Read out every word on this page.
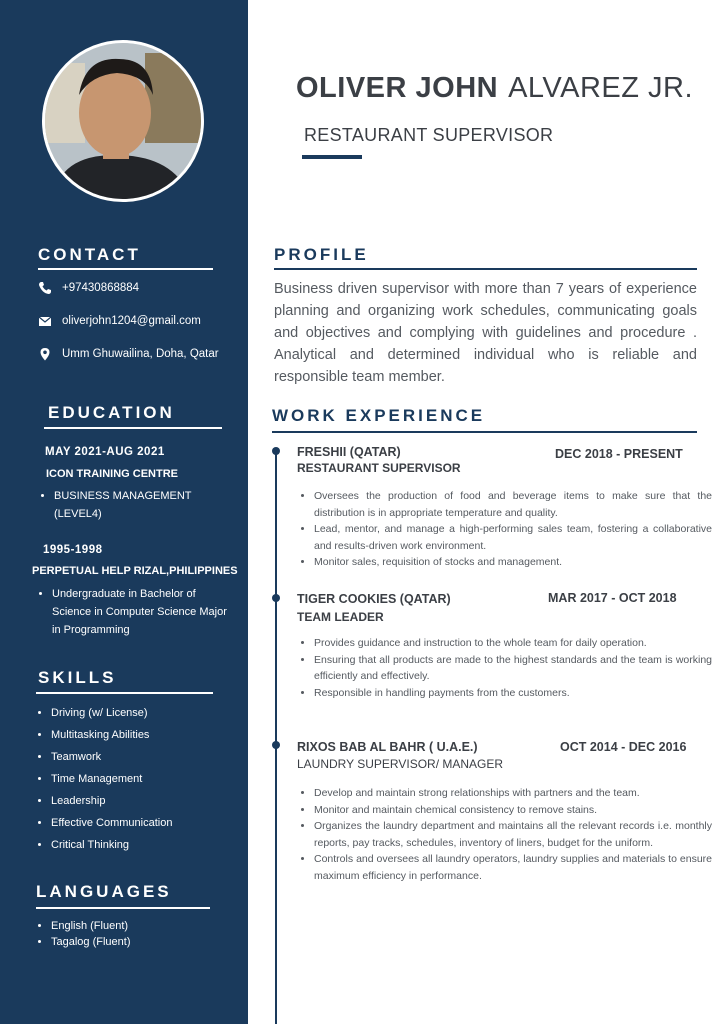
CONTACT
+97430868884
oliverjohn1204@gmail.com
Umm Ghuwailina, Doha, Qatar
EDUCATION
MAY 2021-AUG 2021
ICON TRAINING CENTRE
• BUSINESS MANAGEMENT (LEVEL4)
1995-1998
PERPETUAL HELP RIZAL,PHILIPPINES
• Undergraduate in Bachelor of Science in Computer Science Major in Programming
SKILLS
• Driving (w/ License)
• Multitasking Abilities
• Teamwork
• Time Management
• Leadership
• Effective Communication
• Critical Thinking
LANGUAGES
• English (Fluent)
• Tagalog (Fluent)
OLIVER JOHN ALVAREZ JR.
RESTAURANT SUPERVISOR
PROFILE
Business driven supervisor with more than 7 years of experience planning and organizing work schedules, communicating goals and objectives and complying with guidelines and procedure . Analytical and determined individual who is reliable and responsible team member.
WORK EXPERIENCE
FRESHII (QATAR)
RESTAURANT SUPERVISOR
DEC 2018 - PRESENT
• Oversees the production of food and beverage items to make sure that the distribution is in appropriate temperature and quality.
• Lead, mentor, and manage a high-performing sales team, fostering a collaborative and results-driven work environment.
• Monitor sales, requisition of stocks and management.
TIGER COOKIES (QATAR)
TEAM LEADER
MAR 2017 - OCT 2018
• Provides guidance and instruction to the whole team for daily operation.
• Ensuring that all products are made to the highest standards and the team is working efficiently and effectively.
• Responsible in handling payments from the customers.
RIXOS BAB AL BAHR ( U.A.E.)
LAUNDRY SUPERVISOR/ MANAGER
OCT 2014 - DEC 2016
• Develop and maintain strong relationships with partners and the team.
• Monitor and maintain chemical consistency to remove stains.
• Organizes the laundry department and maintains all the relevant records i.e. monthly reports, pay tracks, schedules, inventory of liners, budget for the uniform.
• Controls and oversees all laundry operators, laundry supplies and materials to ensure maximum efficiency in performance.
